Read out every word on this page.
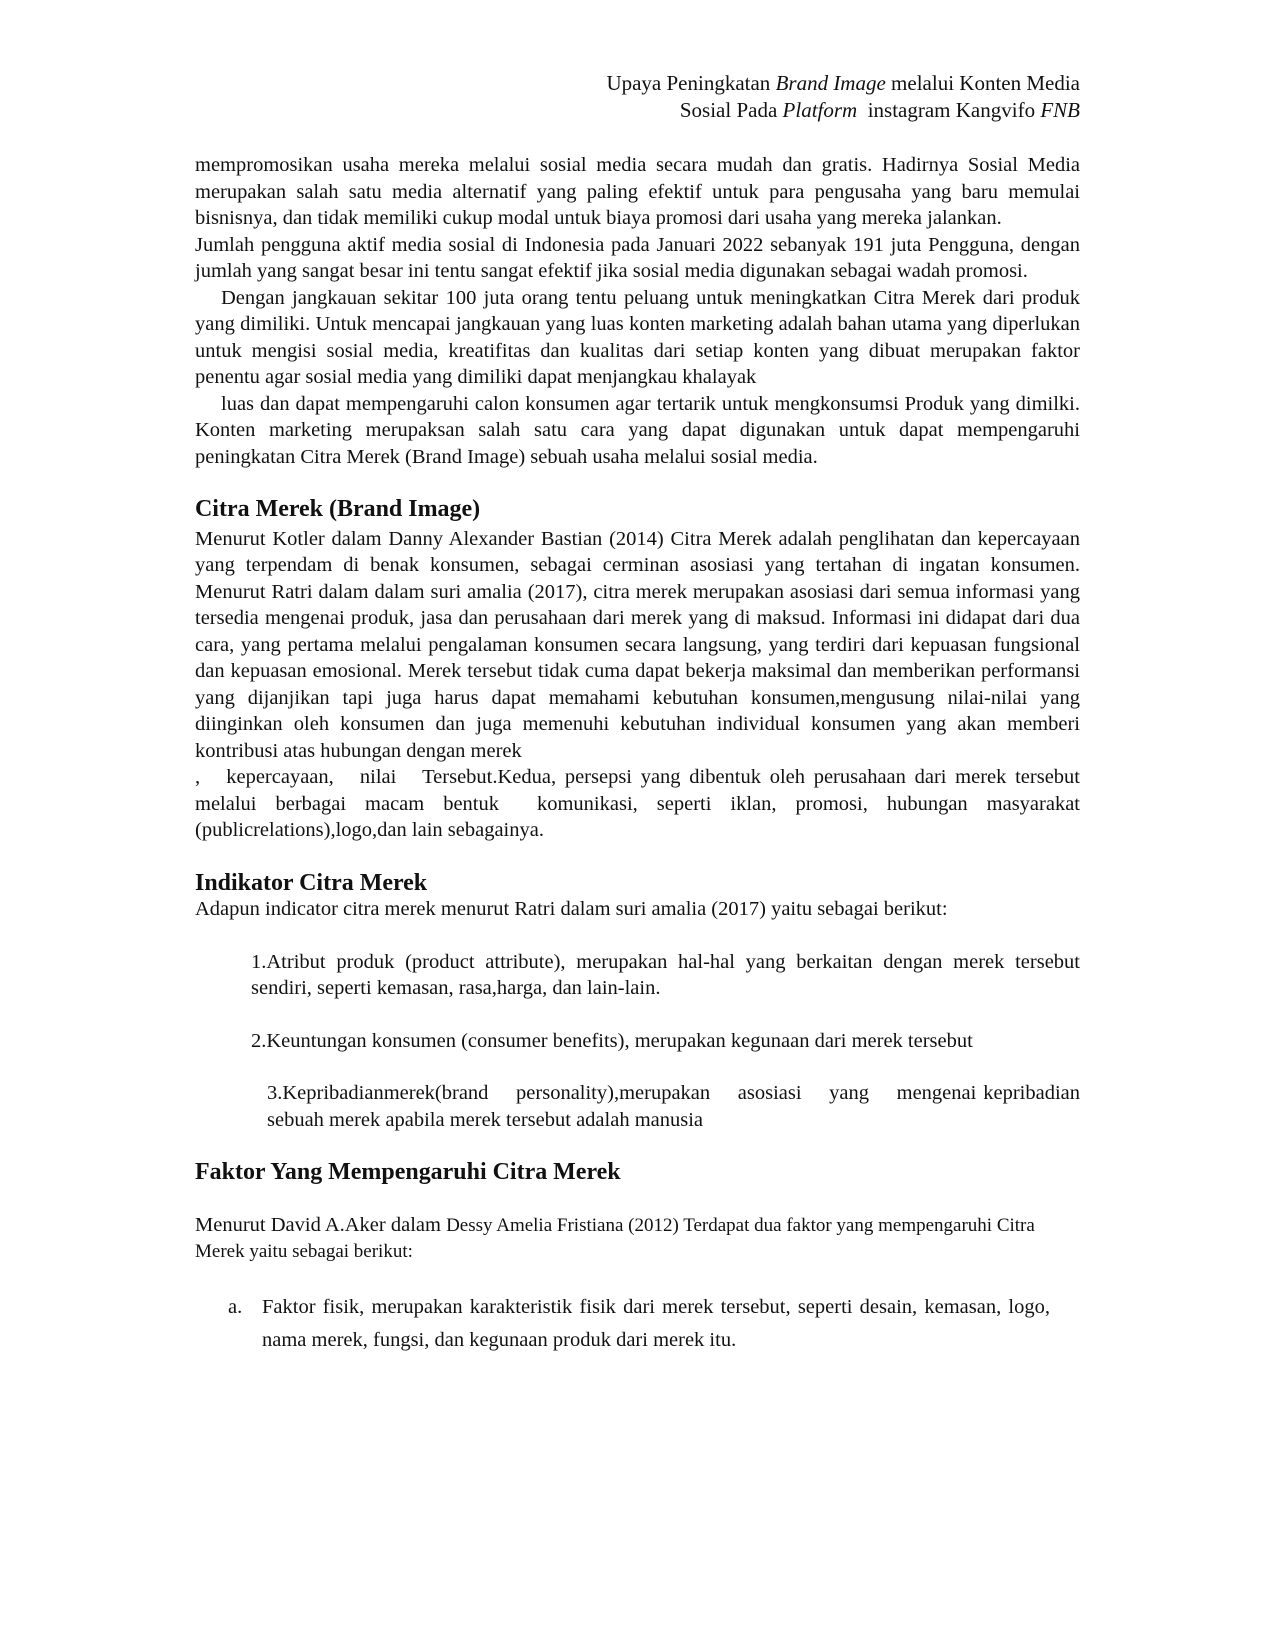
Upaya Peningkatan Brand Image melalui Konten Media
Sosial Pada Platform  instagram Kangvifo FNB

mempromosikan usaha mereka melalui sosial media secara mudah dan gratis. Hadirnya Sosial Media merupakan salah satu media alternatif yang paling efektif untuk para pengusaha yang baru memulai bisnisnya, dan tidak memiliki cukup modal untuk biaya promosi dari usaha yang mereka jalankan.

Jumlah pengguna aktif media sosial di Indonesia pada Januari 2022 sebanyak 191 juta Pengguna, dengan jumlah yang sangat besar ini tentu sangat efektif jika sosial media digunakan sebagai wadah promosi.

Dengan jangkauan sekitar 100 juta orang tentu peluang untuk meningkatkan Citra Merek dari produk yang dimiliki. Untuk mencapai jangkauan yang luas konten marketing adalah bahan utama yang diperlukan untuk mengisi sosial media, kreatifitas dan kualitas dari setiap konten yang dibuat merupakan faktor penentu agar sosial media yang dimiliki dapat menjangkau khalayak

luas dan dapat mempengaruhi calon konsumen agar tertarik untuk mengkonsumsi Produk yang dimilki. Konten marketing merupaksan salah satu cara yang dapat digunakan untuk dapat mempengaruhi peningkatan Citra Merek (Brand Image) sebuah usaha melalui sosial media.

Citra Merek (Brand Image)

Menurut Kotler dalam Danny Alexander Bastian (2014) Citra Merek adalah penglihatan dan kepercayaan yang terpendam di benak konsumen, sebagai cerminan asosiasi yang tertahan di ingatan konsumen. Menurut Ratri dalam dalam suri amalia (2017), citra merek merupakan asosiasi dari semua informasi yang tersedia mengenai produk, jasa dan perusahaan dari merek yang di maksud. Informasi ini didapat dari dua cara, yang pertama melalui pengalaman konsumen secara langsung, yang terdiri dari kepuasan fungsional dan kepuasan emosional. Merek tersebut tidak cuma dapat bekerja maksimal dan memberikan performansi yang dijanjikan tapi juga harus dapat memahami kebutuhan konsumen,mengusung nilai-nilai yang diinginkan oleh konsumen dan juga memenuhi kebutuhan individual konsumen yang akan memberi kontribusi atas hubungan dengan merek

,   kepercayaan,   nilai   Tersebut.Kedua, persepsi yang dibentuk oleh perusahaan dari merek tersebut melalui berbagai macam bentuk  komunikasi, seperti iklan, promosi, hubungan masyarakat (publicrelations),logo,dan lain sebagainya.

Indikator Citra Merek

Adapun indicator citra merek menurut Ratri dalam suri amalia (2017) yaitu sebagai berikut:

1.Atribut produk (product attribute), merupakan hal-hal yang berkaitan dengan merek tersebut sendiri, seperti kemasan, rasa,harga, dan lain-lain.

2.Keuntungan konsumen (consumer benefits), merupakan kegunaan dari merek tersebut

3.Kepribadianmerek(brand    personality),merupakan    asosiasi    yang    mengenai kepribadian sebuah merek apabila merek tersebut adalah manusia

Faktor Yang Mempengaruhi Citra Merek

Menurut David A.Aker dalam Dessy Amelia Fristiana (2012) Terdapat dua faktor yang mempengaruhi Citra Merek yaitu sebagai berikut:

a. Faktor fisik, merupakan karakteristik fisik dari merek tersebut, seperti desain, kemasan, logo, nama merek, fungsi, dan kegunaan produk dari merek itu.
